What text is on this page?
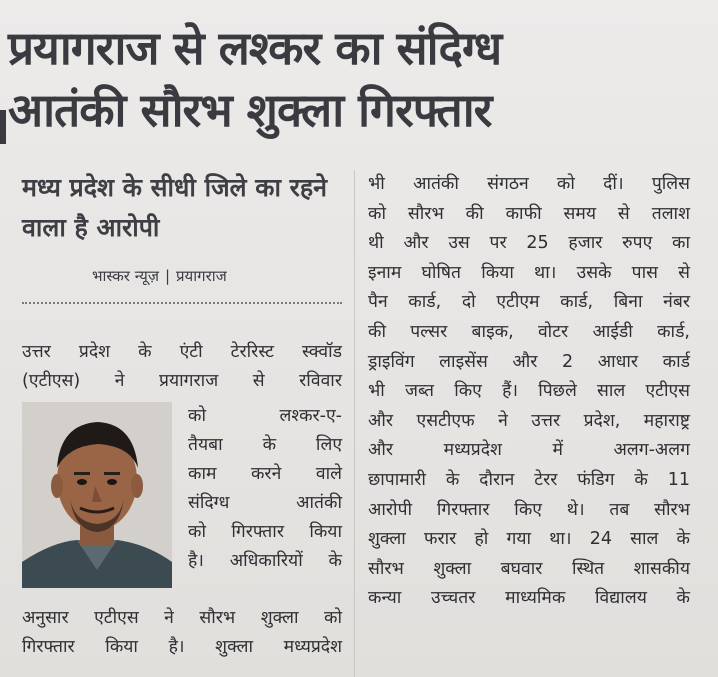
प्रयागराज से लश्कर का संदिग्ध
आतंकी सौरभ शुक्ला गिरफ्तार
मध्य प्रदेश के सीधी जिले का रहने वाला है आरोपी
भास्कर न्यूज़ | प्रयागराज
उत्तर प्रदेश के एंटी टेररिस्ट स्क्वॉड
(एटीएस) ने प्रयागराज से रविवार
को लश्कर-ए-
तैयबा के लिए
काम करने वाले
संदिग्ध आतंकी
को गिरफ्तार किया
है। अधिकारियों के
अनुसार एटीएस ने सौरभ शुक्ला को
गिरफ्तार किया है। शुक्ला मध्यप्रदेश
भी आतंकी संगठन को दीं। पुलिस
को सौरभ की काफी समय से तलाश
थी और उस पर 25 हजार रुपए का
इनाम घोषित किया था। उसके पास से
पैन कार्ड, दो एटीएम कार्ड, बिना नंबर
की पल्सर बाइक, वोटर आईडी कार्ड,
ड्राइविंग लाइसेंस और 2 आधार कार्ड
भी जब्त किए हैं। पिछले साल एटीएस
और एसटीएफ ने उत्तर प्रदेश, महाराष्ट्र
और मध्यप्रदेश में अलग-अलग
छापामारी के दौरान टेरर फंडिग के 11
आरोपी गिरफ्तार किए थे। तब सौरभ
शुक्ला फरार हो गया था। 24 साल के
सौरभ शुक्ला बघवार स्थित शासकीय
कन्या उच्चतर माध्यमिक विद्यालय के
